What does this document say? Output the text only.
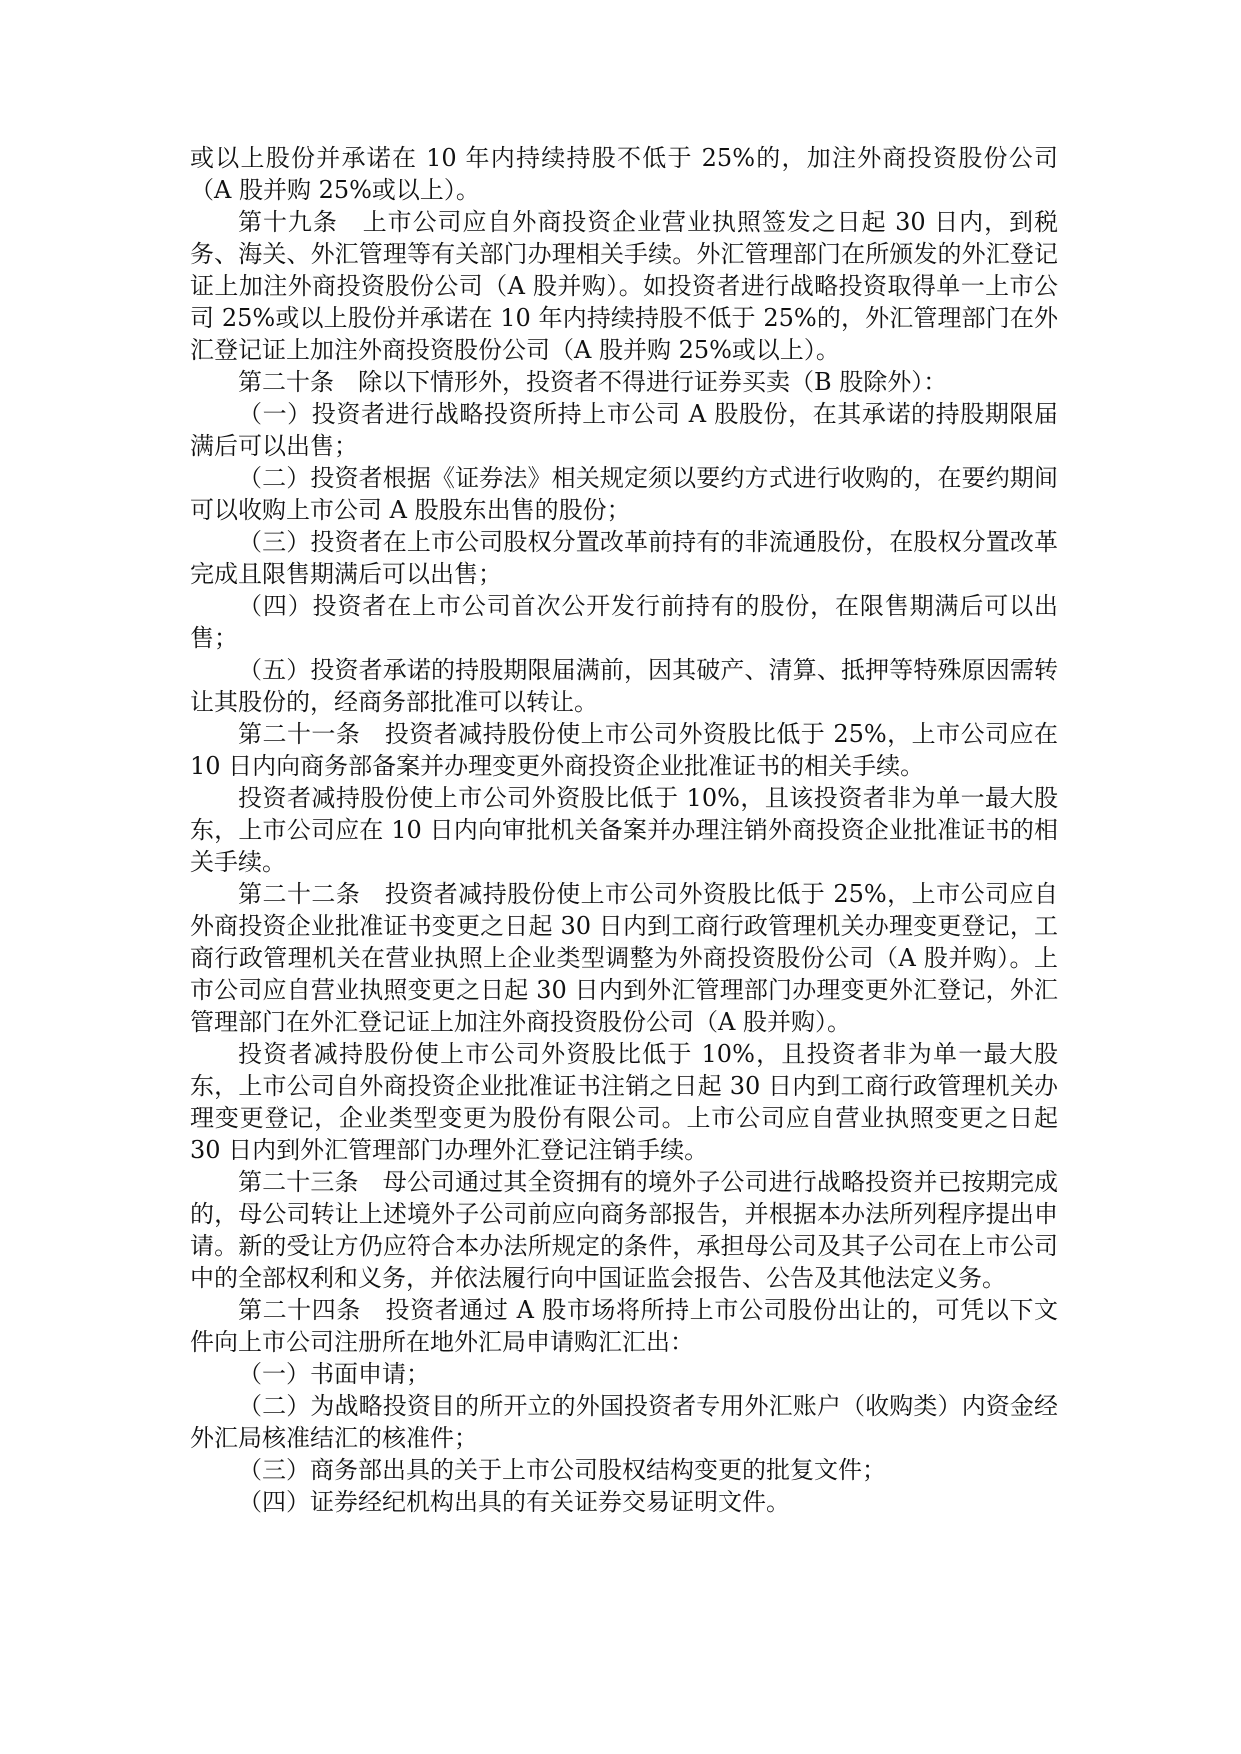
或以上股份并承诺在 10 年内持续持股不低于 25%的，加注外商投资股份公司（A 股并购 25%或以上）。

第十九条　上市公司应自外商投资企业营业执照签发之日起 30 日内，到税务、海关、外汇管理等有关部门办理相关手续。外汇管理部门在所颁发的外汇登记证上加注外商投资股份公司（A 股并购）。如投资者进行战略投资取得单一上市公司 25%或以上股份并承诺在 10 年内持续持股不低于 25%的，外汇管理部门在外汇登记证上加注外商投资股份公司（A 股并购 25%或以上）。

第二十条　除以下情形外，投资者不得进行证券买卖（B 股除外）：

（一）投资者进行战略投资所持上市公司 A 股股份，在其承诺的持股期限届满后可以出售；

（二）投资者根据《证券法》相关规定须以要约方式进行收购的，在要约期间可以收购上市公司 A 股股东出售的股份；

（三）投资者在上市公司股权分置改革前持有的非流通股份，在股权分置改革完成且限售期满后可以出售；

（四）投资者在上市公司首次公开发行前持有的股份，在限售期满后可以出售；

（五）投资者承诺的持股期限届满前，因其破产、清算、抵押等特殊原因需转让其股份的，经商务部批准可以转让。

第二十一条　投资者减持股份使上市公司外资股比低于 25%，上市公司应在 10 日内向商务部备案并办理变更外商投资企业批准证书的相关手续。

投资者减持股份使上市公司外资股比低于 10%，且该投资者非为单一最大股东，上市公司应在 10 日内向审批机关备案并办理注销外商投资企业批准证书的相关手续。

第二十二条　投资者减持股份使上市公司外资股比低于 25%，上市公司应自外商投资企业批准证书变更之日起 30 日内到工商行政管理机关办理变更登记，工商行政管理机关在营业执照上企业类型调整为外商投资股份公司（A 股并购）。上市公司应自营业执照变更之日起 30 日内到外汇管理部门办理变更外汇登记，外汇管理部门在外汇登记证上加注外商投资股份公司（A 股并购）。

投资者减持股份使上市公司外资股比低于 10%，且投资者非为单一最大股东，上市公司自外商投资企业批准证书注销之日起 30 日内到工商行政管理机关办理变更登记，企业类型变更为股份有限公司。上市公司应自营业执照变更之日起 30 日内到外汇管理部门办理外汇登记注销手续。

第二十三条　母公司通过其全资拥有的境外子公司进行战略投资并已按期完成的，母公司转让上述境外子公司前应向商务部报告，并根据本办法所列程序提出申请。新的受让方仍应符合本办法所规定的条件，承担母公司及其子公司在上市公司中的全部权利和义务，并依法履行向中国证监会报告、公告及其他法定义务。

第二十四条　投资者通过 A 股市场将所持上市公司股份出让的，可凭以下文件向上市公司注册所在地外汇局申请购汇汇出：

（一）书面申请；

（二）为战略投资目的所开立的外国投资者专用外汇账户（收购类）内资金经外汇局核准结汇的核准件；

（三）商务部出具的关于上市公司股权结构变更的批复文件；

（四）证券经纪机构出具的有关证券交易证明文件。
